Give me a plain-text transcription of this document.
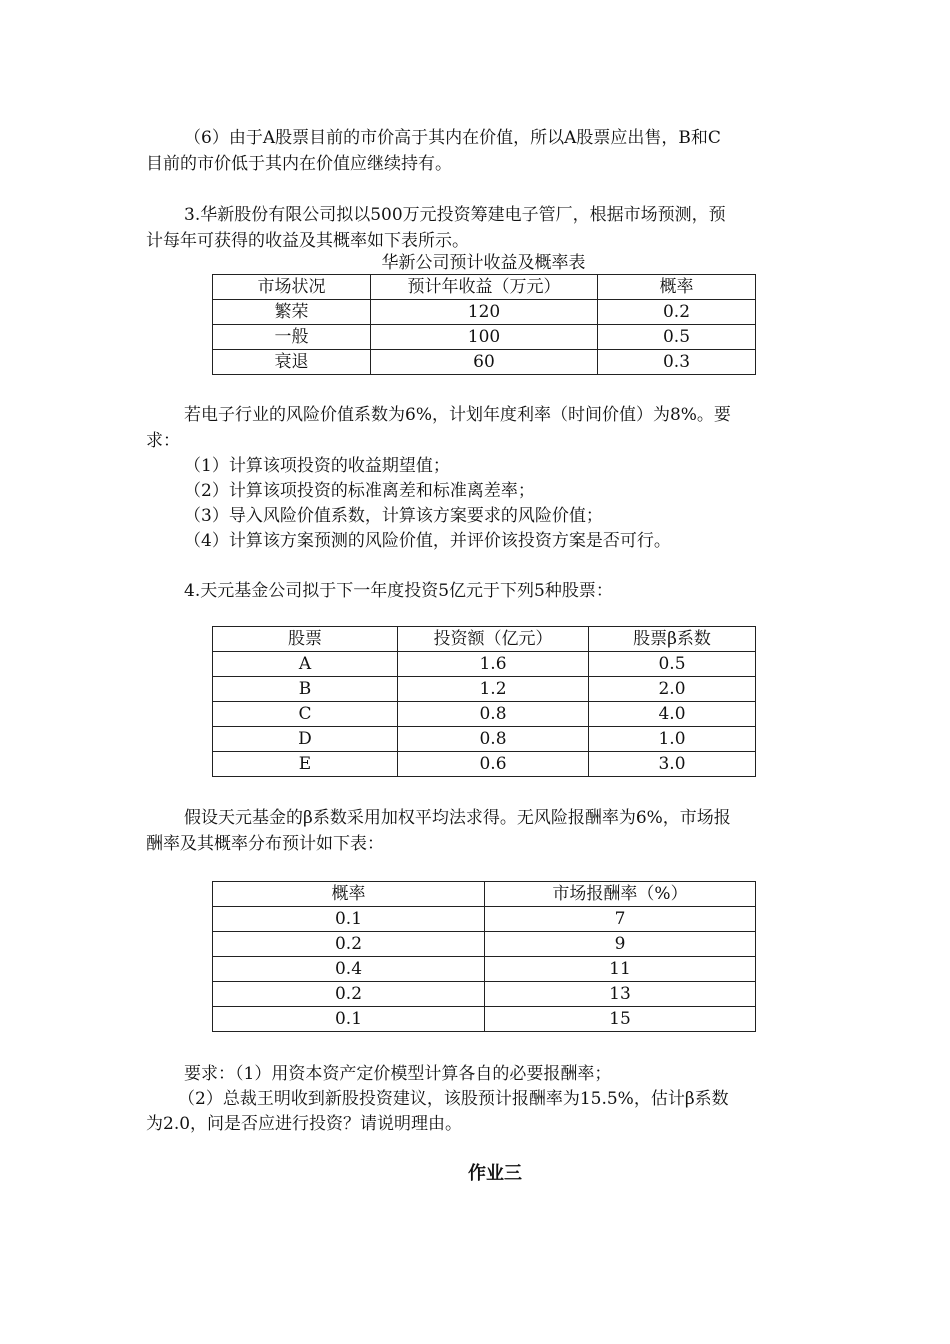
（6）由于A股票目前的市价高于其内在价值，所以A股票应出售，B和C
目前的市价低于其内在价值应继续持有。
3.华新股份有限公司拟以500万元投资筹建电子管厂，根据市场预测，预
计每年可获得的收益及其概率如下表所示。
华新公司预计收益及概率表
市场状况	预计年收益（万元）	概率
繁荣	120	0.2
一般	100	0.5
衰退	60	0.3
若电子行业的风险价值系数为6%，计划年度利率（时间价值）为8%。要
求：
（1）计算该项投资的收益期望值；
（2）计算该项投资的标准离差和标准离差率；
（3）导入风险价值系数，计算该方案要求的风险价值；
（4）计算该方案预测的风险价值，并评价该投资方案是否可行。
4.天元基金公司拟于下一年度投资5亿元于下列5种股票：
股票	投资额（亿元）	股票β系数
A	1.6	0.5
B	1.2	2.0
C	0.8	4.0
D	0.8	1.0
E	0.6	3.0
假设天元基金的β系数采用加权平均法求得。无风险报酬率为6%，市场报
酬率及其概率分布预计如下表：
概率	市场报酬率（%）
0.1	7
0.2	9
0.4	11
0.2	13
0.1	15
要求：（1）用资本资产定价模型计算各自的必要报酬率；
（2）总裁王明收到新股投资建议，该股预计报酬率为15.5%，估计β系数
为2.0，问是否应进行投资？请说明理由。
作业三
